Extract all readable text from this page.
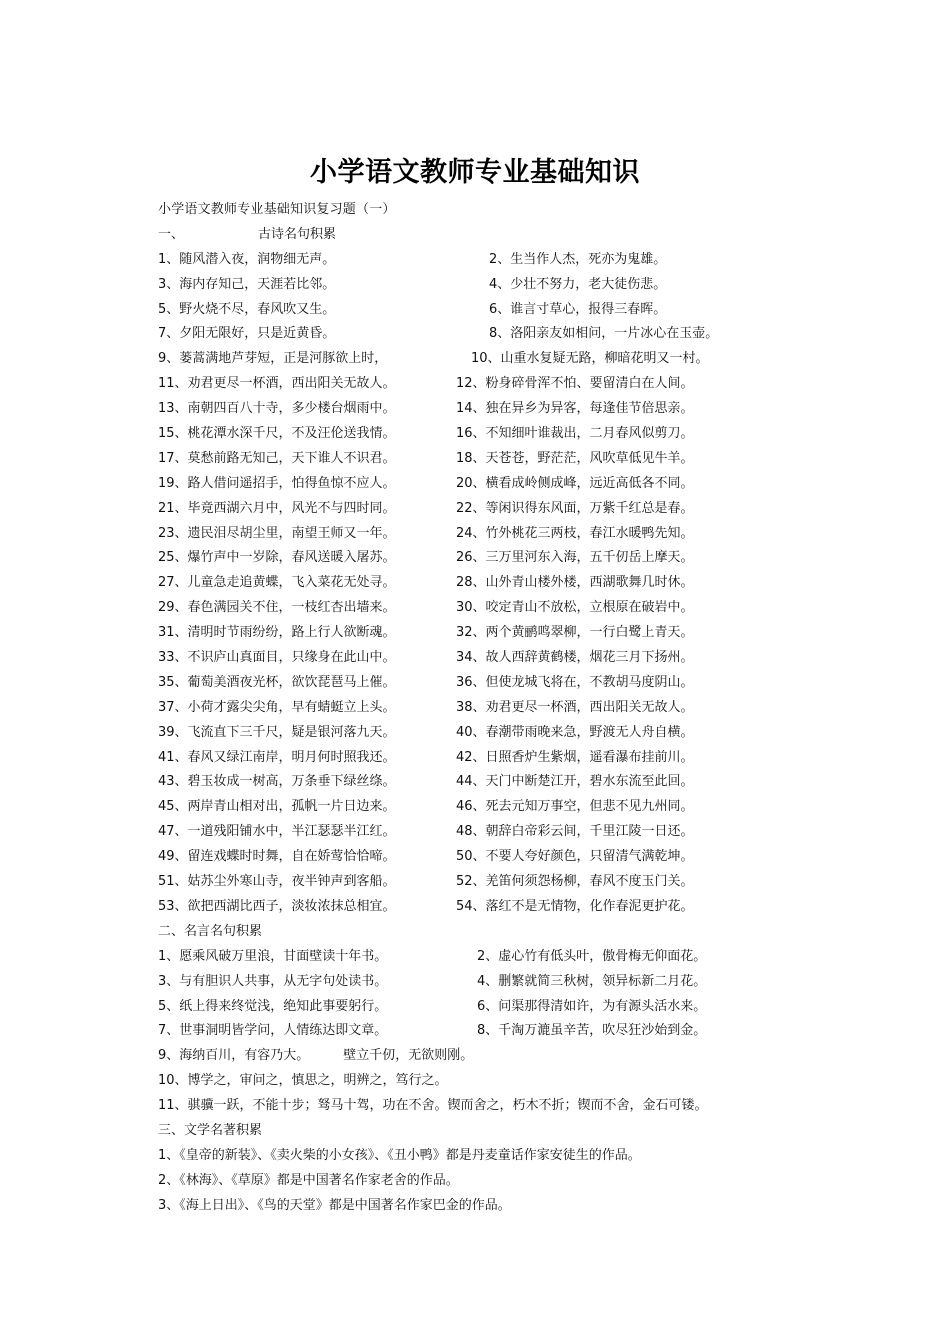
小学语文教师专业基础知识
小学语文教师专业基础知识复习题（一）
一、	古诗名句积累
1、随风潜入夜，润物细无声。	2、生当作人杰，死亦为鬼雄。
3、海内存知己，天涯若比邻。	4、少壮不努力，老大徒伤悲。
5、野火烧不尽，春风吹又生。	6、谁言寸草心，报得三春晖。
7、夕阳无限好，只是近黄昏。	8、洛阳亲友如相问，一片冰心在玉壶。
9、蒌蒿满地芦芽短，正是河豚欲上时，	10、山重水复疑无路，柳暗花明又一村。
11、劝君更尽一杯酒，西出阳关无故人。	12、粉身碎骨浑不怕、要留清白在人间。
13、南朝四百八十寺，多少楼台烟雨中。	14、独在异乡为异客，每逢佳节倍思亲。
15、桃花潭水深千尺，不及汪伦送我情。	16、不知细叶谁裁出，二月春风似剪刀。
17、莫愁前路无知己，天下谁人不识君。	18、天苍苍，野茫茫，风吹草低见牛羊。
19、路人借问遥招手，怕得鱼惊不应人。	20、横看成岭侧成峰，远近高低各不同。
21、毕竟西湖六月中，风光不与四时同。	22、等闲识得东风面，万紫千红总是春。
23、遗民泪尽胡尘里，南望王师又一年。	24、竹外桃花三两枝，春江水暖鸭先知。
25、爆竹声中一岁除，春风送暖入屠苏。	26、三万里河东入海，五千仞岳上摩天。
27、儿童急走追黄蝶，飞入菜花无处寻。	28、山外青山楼外楼，西湖歌舞几时休。
29、春色满园关不住，一枝红杏出墙来。	30、咬定青山不放松，立根原在破岩中。
31、清明时节雨纷纷，路上行人欲断魂。	32、两个黄鹂鸣翠柳，一行白鹭上青天。
33、不识庐山真面目，只缘身在此山中。	34、故人西辞黄鹤楼，烟花三月下扬州。
35、葡萄美酒夜光杯，欲饮琵琶马上催。	36、但使龙城飞将在，不教胡马度阴山。
37、小荷才露尖尖角，早有蜻蜓立上头。	38、劝君更尽一杯酒，西出阳关无故人。
39、飞流直下三千尺，疑是银河落九天。	40、春潮带雨晚来急，野渡无人舟自横。
41、春风又绿江南岸，明月何时照我还。	42、日照香炉生紫烟，遥看瀑布挂前川。
43、碧玉妆成一树高，万条垂下绿丝绦。	44、天门中断楚江开，碧水东流至此回。
45、两岸青山相对出，孤帆一片日边来。	46、死去元知万事空，但悲不见九州同。
47、一道残阳铺水中，半江瑟瑟半江红。	48、朝辞白帝彩云间，千里江陵一日还。
49、留连戏蝶时时舞，自在娇莺恰恰啼。	50、不要人夸好颜色，只留清气满乾坤。
51、姑苏尘外寒山寺，夜半钟声到客船。	52、羌笛何须怨杨柳，春风不度玉门关。
53、欲把西湖比西子，淡妆浓抹总相宜。	54、落红不是无情物，化作春泥更护花。
二、名言名句积累
1、愿乘风破万里浪，甘面壁读十年书。	2、虚心竹有低头叶，傲骨梅无仰面花。
3、与有胆识人共事，从无字句处读书。	4、删繁就简三秋树，领异标新二月花。
5、纸上得来终觉浅，绝知此事要躬行。	6、问渠那得清如许，为有源头活水来。
7、世事洞明皆学问，人情练达即文章。	8、千淘万漉虽辛苦，吹尽狂沙始到金。
9、海纳百川，有容乃大。	壁立千仞，无欲则刚。
10、博学之，审问之，慎思之，明辨之，笃行之。
11、骐骥一跃，不能十步；驽马十驾，功在不舍。锲而舍之，朽木不折；锲而不舍，金石可镂。
三、文学名著积累
1、《皇帝的新装》、《卖火柴的小女孩》、《丑小鸭》都是丹麦童话作家安徒生的作品。
2、《林海》、《草原》都是中国著名作家老舍的作品。
3、《海上日出》、《鸟的天堂》都是中国著名作家巴金的作品。
